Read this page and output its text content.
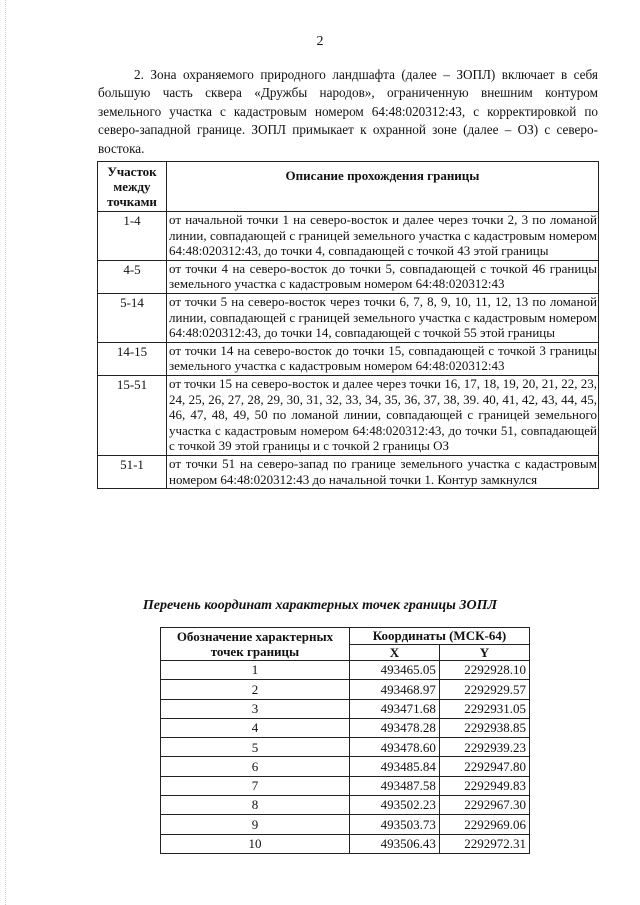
2

2. Зона охраняемого природного ландшафта (далее – ЗОПЛ) включает в себя большую часть сквера «Дружбы народов», ограниченную внешним контуром земельного участка с кадастровым номером 64:48:020312:43, с корректировкой по северо-западной границе. ЗОПЛ примыкает к охранной зоне (далее – ОЗ) с северо-востока.

Участок между точками	Описание прохождения границы
1-4	от начальной точки 1 на северо-восток и далее через точки 2, 3 по ломаной линии, совпадающей с границей земельного участка с кадастровым номером 64:48:020312:43, до точки 4, совпадающей с точкой 43 этой границы
4-5	от точки 4 на северо-восток до точки 5, совпадающей с точкой 46 границы земельного участка с кадастровым номером 64:48:020312:43
5-14	от точки 5 на северо-восток через точки 6, 7, 8, 9, 10, 11, 12, 13 по ломаной линии, совпадающей с границей земельного участка с кадастровым номером 64:48:020312:43, до точки 14, совпадающей с точкой 55 этой границы
14-15	от точки 14 на северо-восток до точки 15, совпадающей с точкой 3 границы земельного участка с кадастровым номером 64:48:020312:43
15-51	от точки 15 на северо-восток и далее через точки 16, 17, 18, 19, 20, 21, 22, 23, 24, 25, 26, 27, 28, 29, 30, 31, 32, 33, 34, 35, 36, 37, 38, 39. 40, 41, 42, 43, 44, 45, 46, 47, 48, 49, 50 по ломаной линии, совпадающей с границей земельного участка с кадастровым номером 64:48:020312:43, до точки 51, совпадающей с точкой 39 этой границы и с точкой 2 границы ОЗ
51-1	от точки 51 на северо-запад по границе земельного участка с кадастровым номером 64:48:020312:43 до начальной точки 1. Контур замкнулся
Перечень координат характерных точек границы ЗОПЛ
Обозначение характерных точек границы	Координаты (МСК-64)	
	X	Y
1	493465.05	2292928.10
2	493468.97	2292929.57
3	493471.68	2292931.05
4	493478.28	2292938.85
5	493478.60	2292939.23
6	493485.84	2292947.80
7	493487.58	2292949.83
8	493502.23	2292967.30
9	493503.73	2292969.06
10	493506.43	2292972.31
